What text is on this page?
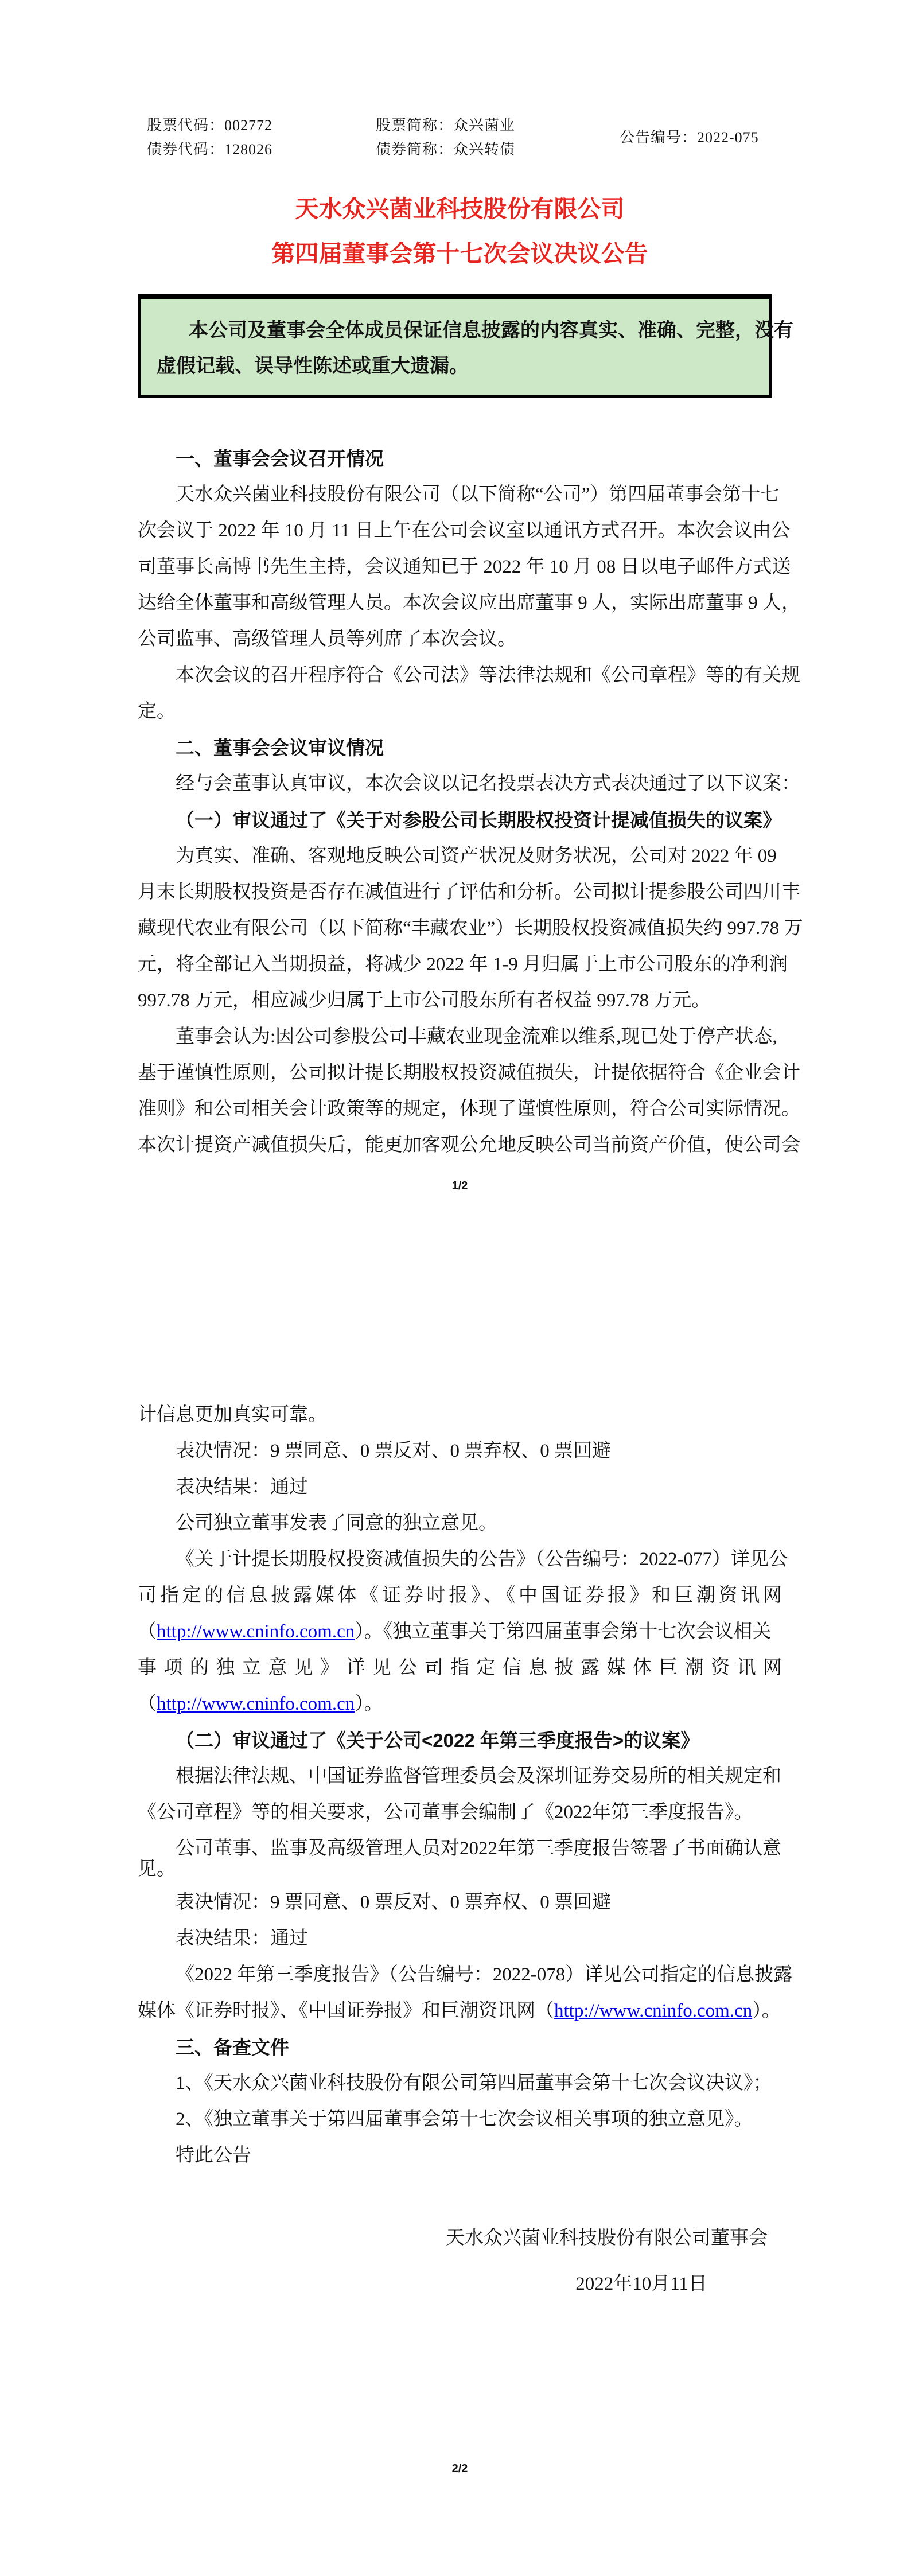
股票代码：002772	股票简称：众兴菌业
债券代码：128026	债券简称：众兴转债
公告编号：2022-075
天水众兴菌业科技股份有限公司
第四届董事会第十七次会议决议公告
本公司及董事会全体成员保证信息披露的内容真实、准确、完整，没有
虚假记载、误导性陈述或重大遗漏。
一、董事会会议召开情况
天水众兴菌业科技股份有限公司（以下简称“公司”）第四届董事会第十七
次会议于 2022 年 10 月 11 日上午在公司会议室以通讯方式召开。本次会议由公
司董事长高博书先生主持，会议通知已于 2022 年 10 月 08 日以电子邮件方式送
达给全体董事和高级管理人员。本次会议应出席董事 9 人，实际出席董事 9 人，
公司监事、高级管理人员等列席了本次会议。
本次会议的召开程序符合《公司法》等法律法规和《公司章程》等的有关规
定。
二、董事会会议审议情况
经与会董事认真审议，本次会议以记名投票表决方式表决通过了以下议案：
（一）审议通过了《关于对参股公司长期股权投资计提减值损失的议案》
为真实、准确、客观地反映公司资产状况及财务状况，公司对 2022 年 09
月末长期股权投资是否存在减值进行了评估和分析。公司拟计提参股公司四川丰
藏现代农业有限公司（以下简称“丰藏农业”）长期股权投资减值损失约 997.78 万
元，将全部记入当期损益，将减少 2022 年 1-9 月归属于上市公司股东的净利润
997.78 万元，相应减少归属于上市公司股东所有者权益 997.78 万元。
董事会认为:因公司参股公司丰藏农业现金流难以维系,现已处于停产状态,
基于谨慎性原则，公司拟计提长期股权投资减值损失，计提依据符合《企业会计
准则》和公司相关会计政策等的规定，体现了谨慎性原则，符合公司实际情况。
本次计提资产减值损失后，能更加客观公允地反映公司当前资产价值，使公司会
1/2
计信息更加真实可靠。
表决情况：9 票同意、0 票反对、0 票弃权、0 票回避
表决结果：通过
公司独立董事发表了同意的独立意见。
《关于计提长期股权投资减值损失的公告》（公告编号：2022-077）详见公
司指定的信息披露媒体《证券时报》、《中国证券报》和巨潮资讯网
（http://www.cninfo.com.cn）。《独立董事关于第四届董事会第十七次会议相关
事项的独立意见》详见公司指定信息披露媒体巨潮资讯网
（http://www.cninfo.com.cn）。
（二）审议通过了《关于公司<2022 年第三季度报告>的议案》
根据法律法规、中国证券监督管理委员会及深圳证券交易所的相关规定和
《公司章程》等的相关要求，公司董事会编制了《2022年第三季度报告》。
公司董事、监事及高级管理人员对2022年第三季度报告签署了书面确认意
见。
表决情况：9 票同意、0 票反对、0 票弃权、0 票回避
表决结果：通过
《2022 年第三季度报告》（公告编号：2022-078）详见公司指定的信息披露
媒体《证券时报》、《中国证券报》和巨潮资讯网（http://www.cninfo.com.cn）。
三、备查文件
1、《天水众兴菌业科技股份有限公司第四届董事会第十七次会议决议》；
2、《独立董事关于第四届董事会第十七次会议相关事项的独立意见》。
特此公告
天水众兴菌业科技股份有限公司董事会
2022年10月11日
2/2
